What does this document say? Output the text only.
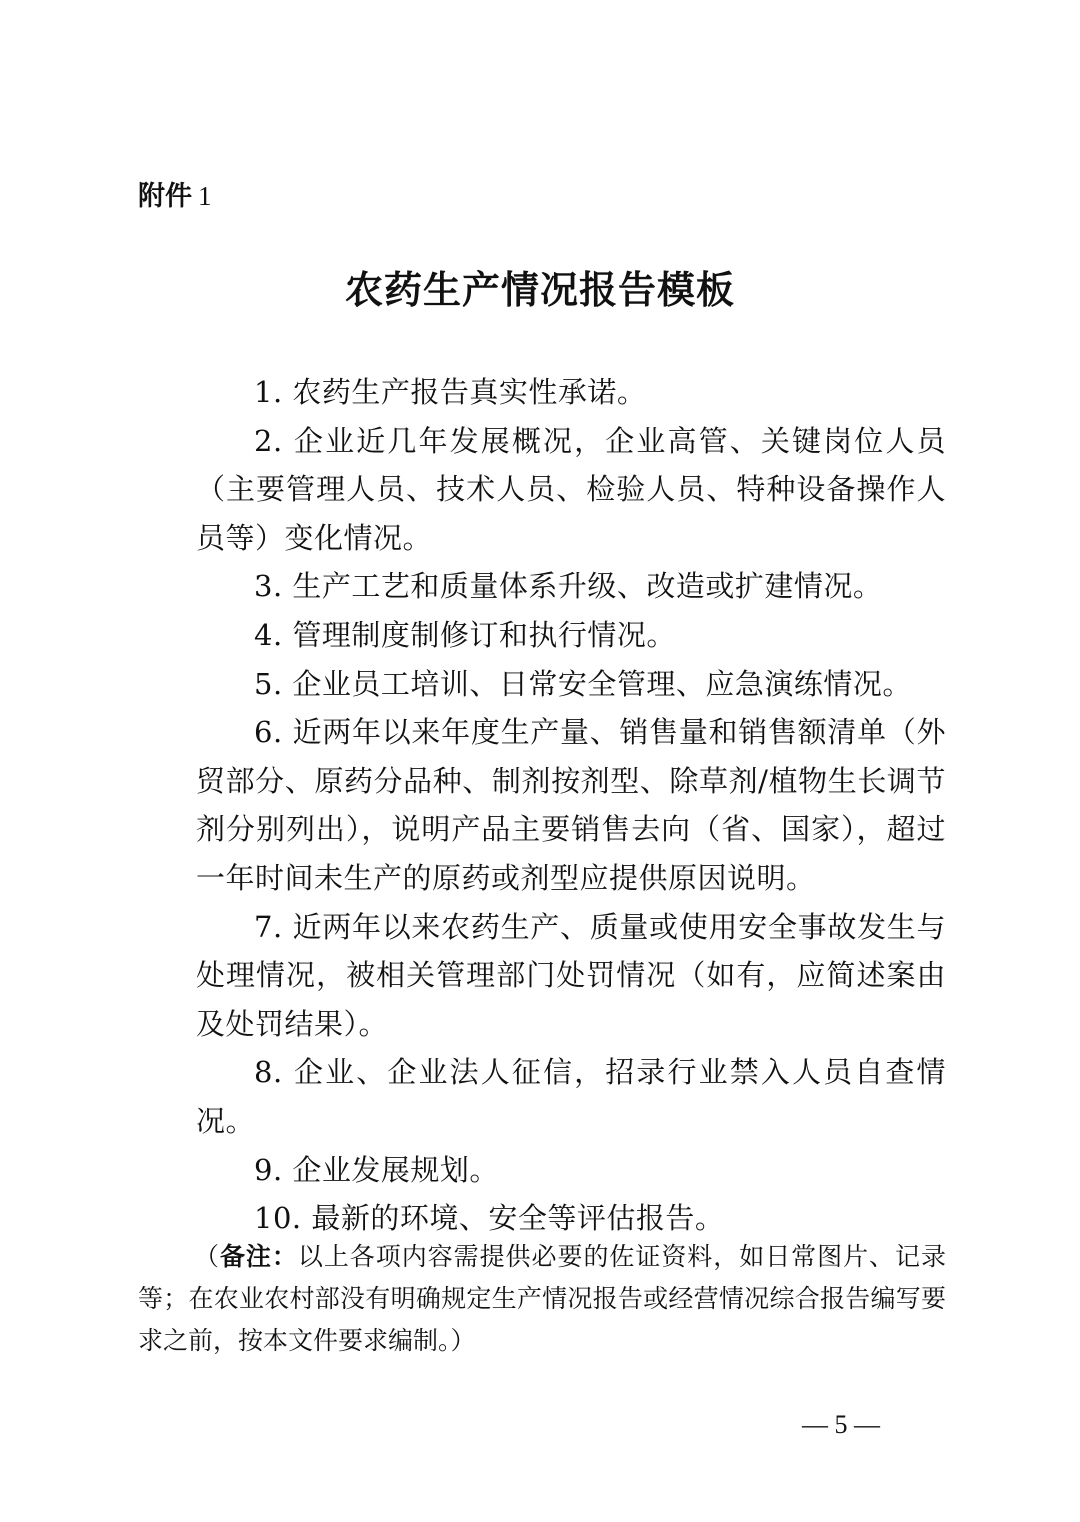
附件 1
农药生产情况报告模板

1. 农药生产报告真实性承诺。

2. 企业近几年发展概况，企业高管、关键岗位人员（主要管理人员、技术人员、检验人员、特种设备操作人员等）变化情况。

3. 生产工艺和质量体系升级、改造或扩建情况。

4. 管理制度制修订和执行情况。

5. 企业员工培训、日常安全管理、应急演练情况。

6. 近两年以来年度生产量、销售量和销售额清单（外贸部分、原药分品种、制剂按剂型、除草剂/植物生长调节剂分别列出），说明产品主要销售去向（省、国家），超过一年时间未生产的原药或剂型应提供原因说明。

7. 近两年以来农药生产、质量或使用安全事故发生与处理情况，被相关管理部门处罚情况（如有，应简述案由及处罚结果）。

8. 企业、企业法人征信，招录行业禁入人员自查情况。

9. 企业发展规划。

10. 最新的环境、安全等评估报告。

（备注：以上各项内容需提供必要的佐证资料，如日常图片、记录等；在农业农村部没有明确规定生产情况报告或经营情况综合报告编写要求之前，按本文件要求编制。）
— 5 —
